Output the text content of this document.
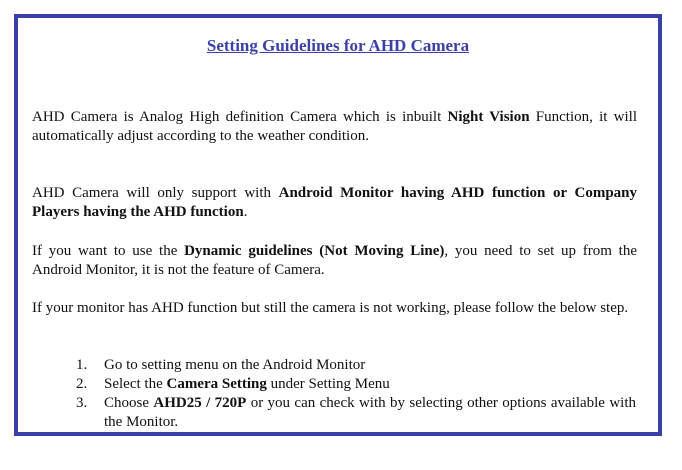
Setting Guidelines for AHD Camera

AHD Camera is Analog High definition Camera which is inbuilt Night Vision Function, it will automatically adjust according to the weather condition.

AHD Camera will only support with Android Monitor having AHD function or Company Players having the AHD function.

If you want to use the Dynamic guidelines (Not Moving Line), you need to set up from the Android Monitor, it is not the feature of Camera.

If your monitor has AHD function but still the camera is not working, please follow the below step.

1.	Go to setting menu on the Android Monitor
2.	Select the Camera Setting under Setting Menu
3.	Choose AHD25 / 720P or you can check with by selecting other options available with the Monitor.
